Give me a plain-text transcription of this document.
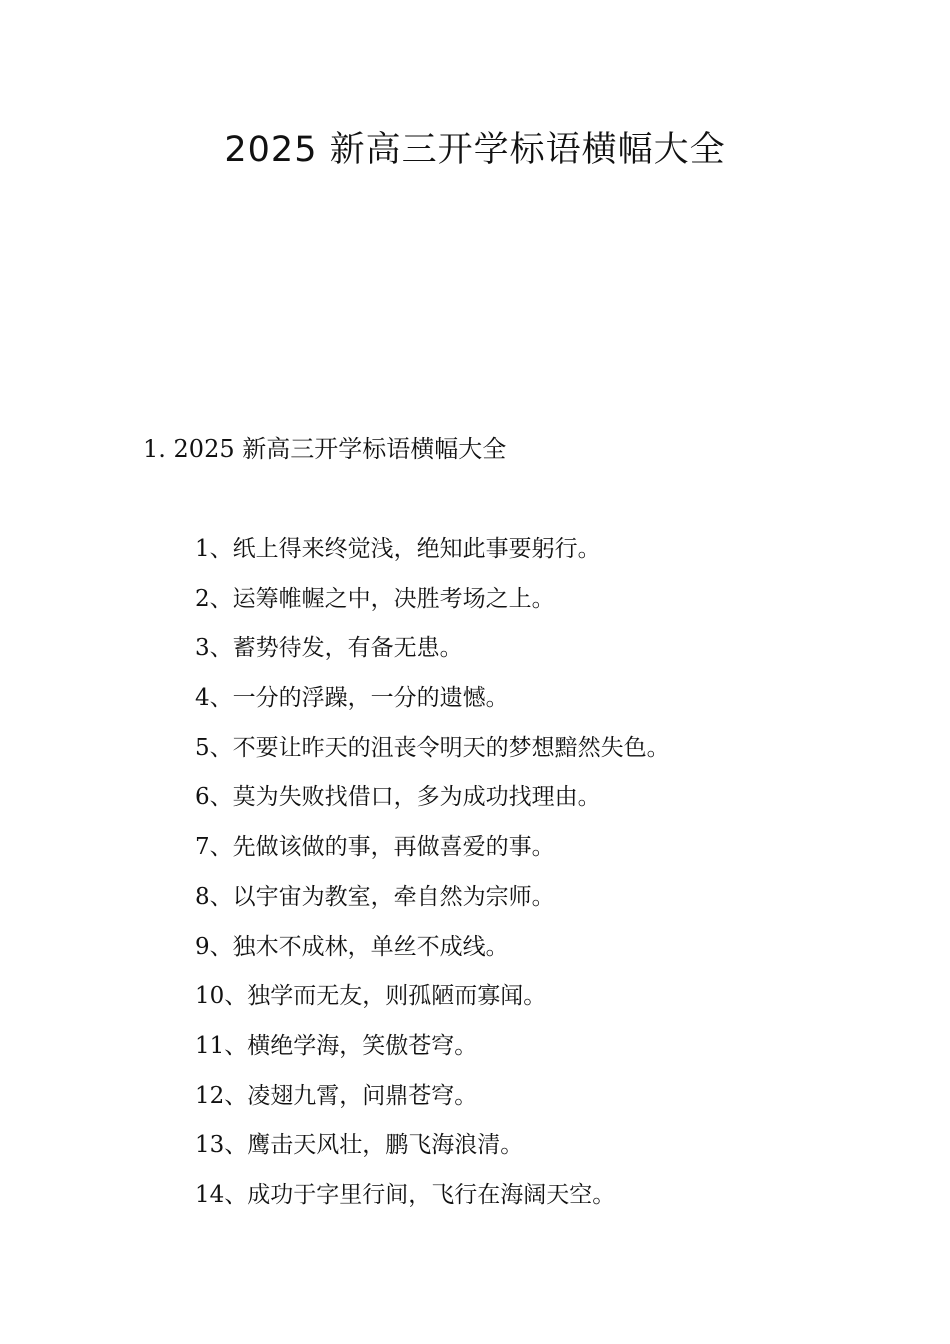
2025 新高三开学标语横幅大全
1. 2025 新高三开学标语横幅大全
1、纸上得来终觉浅，绝知此事要躬行。
2、运筹帷幄之中，决胜考场之上。
3、蓄势待发，有备无患。
4、一分的浮躁，一分的遗憾。
5、不要让昨天的沮丧令明天的梦想黯然失色。
6、莫为失败找借口，多为成功找理由。
7、先做该做的事，再做喜爱的事。
8、以宇宙为教室，牵自然为宗师。
9、独木不成林，单丝不成线。
10、独学而无友，则孤陋而寡闻。
11、横绝学海，笑傲苍穹。
12、凌翅九霄，问鼎苍穹。
13、鹰击天风壮，鹏飞海浪清。
14、成功于字里行间，飞行在海阔天空。
